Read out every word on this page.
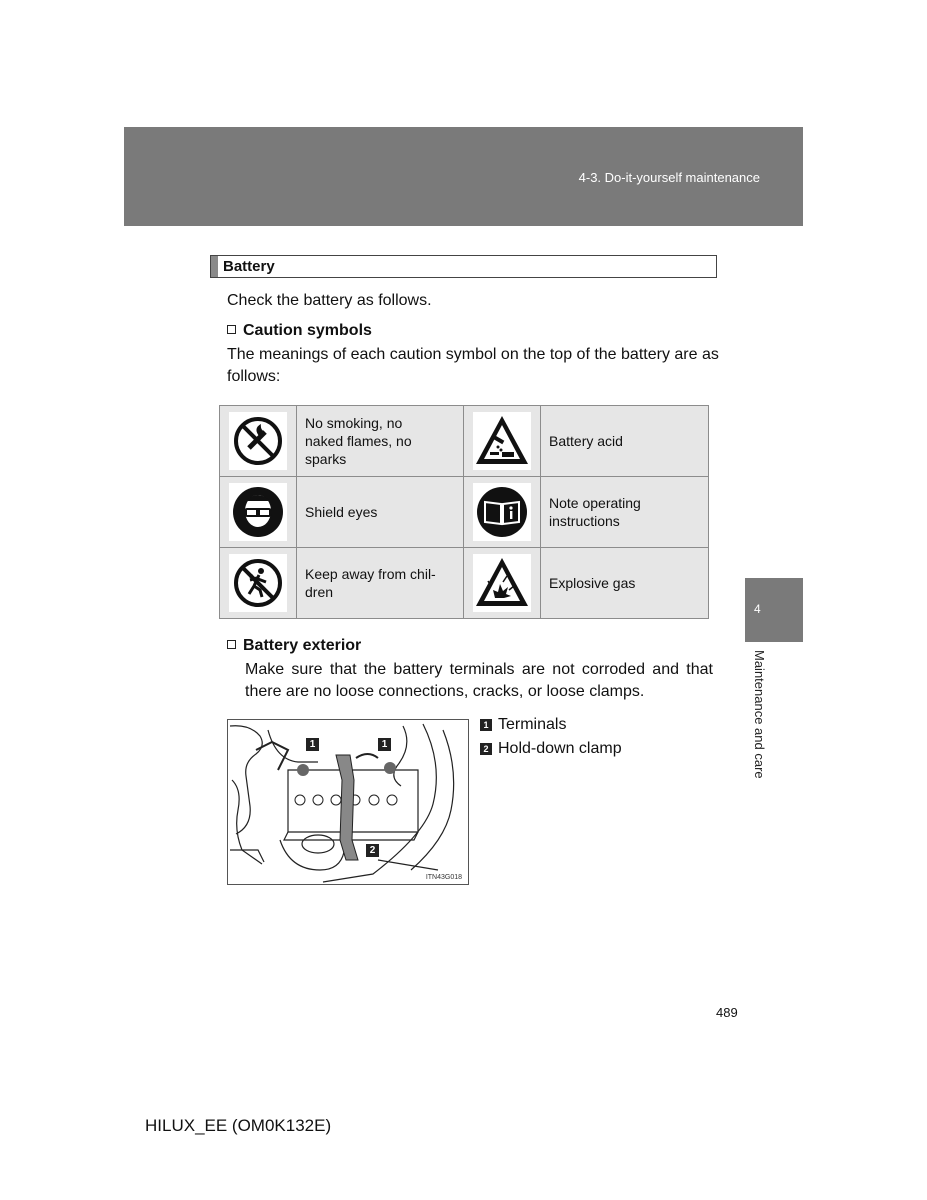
4-3. Do-it-yourself maintenance
Battery
Check the battery as follows.
Caution symbols
The meanings of each caution symbol on the top of the battery are as
follows:

No smoking, no
naked flames, no
sparks		Battery acid

Shield eyes		Note operating
instructions

Keep away from chil-
dren		Explosive gas
Battery exterior
Make sure that the battery terminals are not corroded and that
there are no loose connections, cracks, or loose clamps.
1	1
2
ITN43G018
1 Terminals
2 Hold-down clamp
4
Maintenance and care
489
HILUX_EE (OM0K132E)
